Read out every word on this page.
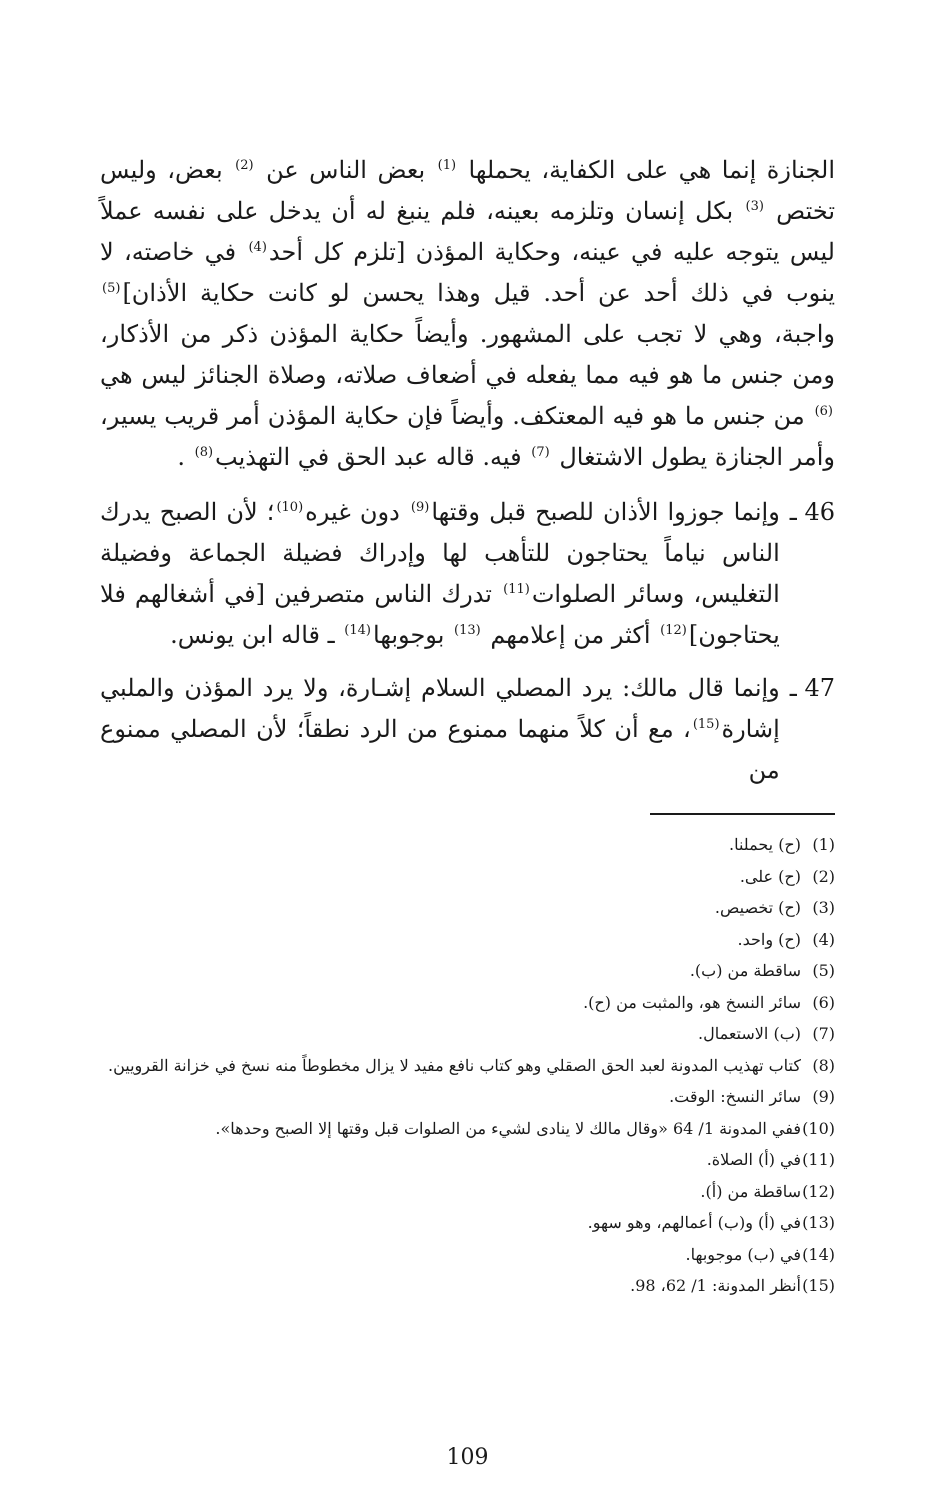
الجنازة إنما هي على الكفاية، يحملها $^{(1)}$ بعض الناس عن $^{(2)}$ بعض، وليس تختص $^{(3)}$ بكل إنسان وتلزمه بعينه، فلم ينبغ له أن يدخل على نفسه عملاً ليس يتوجه عليه في عينه، وحكاية المؤذن [تلزم كل أحد$^{(4)}$ في خاصته، لا ينوب في ذلك أحد عن أحد. قيل وهذا يحسن لو كانت حكاية الأذان]$^{(5)}$ واجبة، وهي لا تجب على المشهور. وأيضاً حكاية المؤذن ذكر من الأذكار، ومن جنس ما هو فيه مما يفعله في أضعاف صلاته، وصلاة الجنائز ليس هي $^{(6)}$ من جنس ما هو فيه المعتكف. وأيضاً فإن حكاية المؤذن أمر قريب يسير، وأمر الجنازة يطول الاشتغال $^{(7)}$ فيه. قاله عبد الحق في التهذيب$^{(8)}$ .

46 ـ
وإنما جوزوا الأذان للصبح قبل وقتها$^{(9)}$ دون غيره$^{(10)}$؛ لأن الصبح يدرك الناس نياماً يحتاجون للتأهب لها وإدراك فضيلة الجماعة وفضيلة التغليس، وسائر الصلوات$^{(11)}$ تدرك الناس متصرفين [في أشغالهم فلا يحتاجون]$^{(12)}$ أكثر من إعلامهم $^{(13)}$ بوجوبها$^{(14)}$ ـ قاله ابن يونس.
47 ـ
وإنما قال مالك: يرد المصلي السلام إشـارة، ولا يرد المؤذن والملبي إشارة$^{(15)}$، مع أن كلاً منهما ممنوع من الرد نطقاً؛ لأن المصلي ممنوع من
(1)
(ح) يحملنا.
(2)
(ح) على.
(3)
(ح) تخصيص.
(4)
(ح) واحد.
(5)
ساقطة من (ب).
(6)
سائر النسخ هو، والمثبت من (ح).
(7)
(ب) الاستعمال.
(8)
كتاب تهذيب المدونة لعبد الحق الصقلي وهو كتاب نافع مفيد لا يزال مخطوطاً منه نسخ في خزانة القرويين.
(9)
سائر النسخ: الوقت.
(10)
ففي المدونة 1/ 64 «وقال مالك لا ينادى لشيء من الصلوات قبل وقتها إلا الصبح وحدها».
(11)
في (أ) الصلاة.
(12)
ساقطة من (أ).
(13)
في (أ) و(ب) أعمالهم، وهو سهو.
(14)
في (ب) موجوبها.
(15)
أنظر المدونة: 1/ 62، 98.
109
